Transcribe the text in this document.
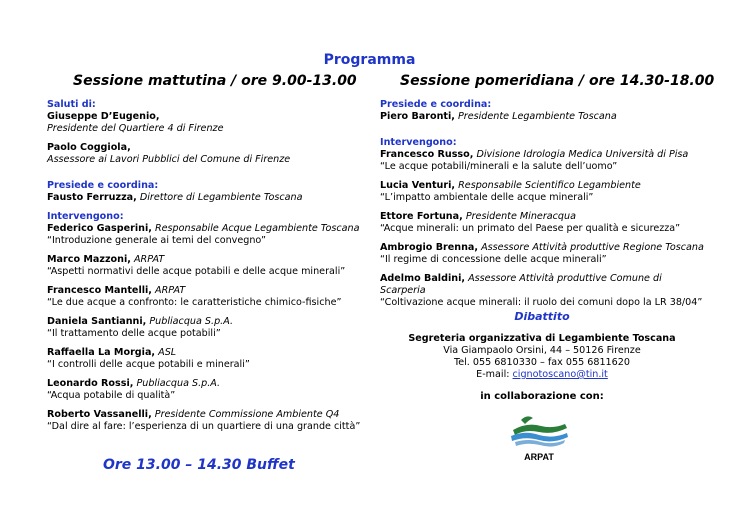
Programma
Sessione mattutina / ore 9.00-13.00	Sessione pomeridiana / ore 14.30-18.00
Saluti di:
Giuseppe D’Eugenio,
Presidente del Quartiere 4 di Firenze
Paolo Coggiola,
Assessore ai Lavori Pubblici del Comune di Firenze
Presiede e coordina:
Fausto Ferruzza, Direttore di Legambiente Toscana
Intervengono:
Federico Gasperini, Responsabile Acque Legambiente Toscana
“Introduzione generale ai temi del convegno”
Marco Mazzoni, ARPAT
“Aspetti normativi delle acque potabili e delle acque minerali”
Francesco Mantelli, ARPAT
“Le due acque a confronto: le caratteristiche chimico-fisiche”
Daniela Santianni, Publiacqua S.p.A.
“Il trattamento delle acque potabili”
Raffaella La Morgia, ASL
“I controlli delle acque potabili e minerali”
Leonardo Rossi, Publiacqua S.p.A.
“Acqua potabile di qualità”
Roberto Vassanelli, Presidente Commissione Ambiente Q4
“Dal dire al fare: l’esperienza di un quartiere di una grande città”
Ore 13.00 – 14.30 Buffet
Presiede e coordina:
Piero Baronti, Presidente Legambiente Toscana
Intervengono:
Francesco Russo, Divisione Idrologia Medica Università di Pisa
“Le acque potabili/minerali e la salute dell’uomo”
Lucia Venturi, Responsabile Scientifico Legambiente
“L’impatto ambientale delle acque minerali”
Ettore Fortuna, Presidente Mineracqua
“Acque minerali: un primato del Paese per qualità e sicurezza”
Ambrogio Brenna, Assessore Attività produttive Regione Toscana
“Il regime di concessione delle acque minerali”
Adelmo Baldini, Assessore Attività produttive Comune di Scarperia
“Coltivazione acque minerali: il ruolo dei comuni dopo la LR 38/04”
Dibattito
Segreteria organizzativa di Legambiente Toscana
Via Giampaolo Orsini, 44 – 50126 Firenze
Tel. 055 6810330 – fax 055 6811620
E-mail: cignotoscano@tin.it
in collaborazione con:
ARPAT
